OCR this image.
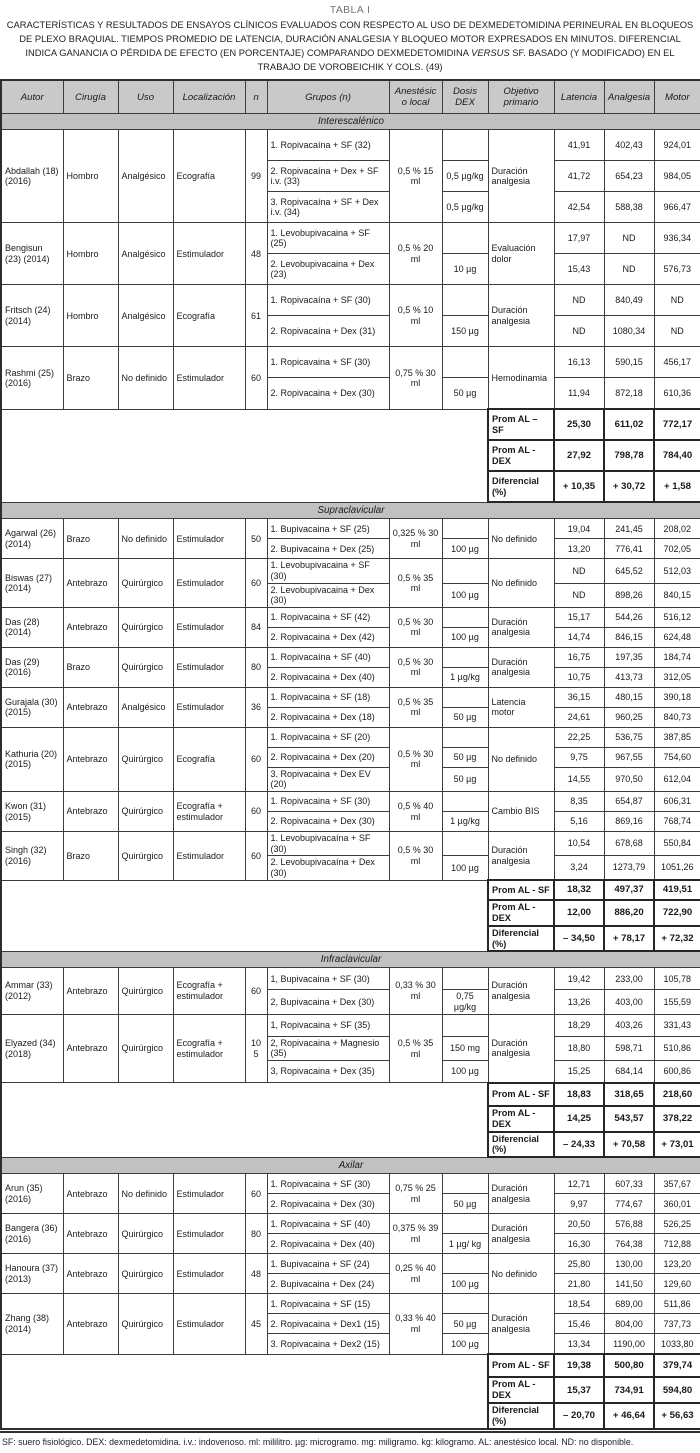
TABLA I
CARACTERÍSTICAS Y RESULTADOS DE ENSAYOS CLÍNICOS EVALUADOS CON RESPECTO AL USO DE DEXMEDETOMIDINA PERINEURAL EN BLOQUEOS DE PLEXO BRAQUIAL. TIEMPOS PROMEDIO DE LATENCIA, DURACIÓN ANALGESIA Y BLOQUEO MOTOR EXPRESADOS EN MINUTOS. DIFERENCIAL INDICA GANANCIA O PÉRDIDA DE EFECTO (EN PORCENTAJE) COMPARANDO DEXMEDETOMIDINA VERSUS SF. BASADO (Y MODIFICADO) EN EL TRABAJO DE VOROBEICHIK Y COLS. (49)
Autor	Cirugía	Uso	Localización	n	Grupos (n)	Anestésico local	Dosis DEX	Objetivo primario	Latencia	Analgesia	Motor
Interescalénico											
Abdallah (18) (2016)	Hombro	Analgésico	Ecografía	99	1. Ropivacaína + SF (32)	0,5 % 15 ml		Duración analgesia	41,91	402,43	924,01
					2. Ropivacaína + Dex + SF i.v. (33)		0,5 µg/kg		41,72	654,23	984,05
					3. Ropivacaína + SF + Dex i.v. (34)		0,5 µg/kg		42,54	588,38	966,47
Bengisun (23) (2014)	Hombro	Analgésico	Estimulador	48	1. Levobupivacaina + SF (25)	0,5 % 20 ml		Evaluación dolor	17,97	ND	936,34
					2. Levobupivacaina + Dex (23)		10 µg		15,43	ND	576,73
Fritsch (24) (2014)	Hombro	Analgésico	Ecografía	61	1. Ropivacaína + SF (30)	0,5 % 10 ml		Duración analgesia	ND	840,49	ND
					2. Ropivacaína + Dex (31)		150 µg		ND	1080,34	ND
Rashmi (25) (2016)	Brazo	No definido	Estimulador	60	1. Ropicavaina + SF (30)	0,75 % 30 ml		Hemodinamia	16,13	590,15	456,17
					2. Ropivacaina + Dex (30)		50 µg		11,94	872,18	610,36
								Prom AL – SF	25,30	611,02	772,17
								Prom AL - DEX	27,92	798,78	784,40
								Diferencial (%)	+ 10,35	+ 30,72	+ 1,58
Supraclavicular											
Agarwal (26) (2014)	Brazo	No definido	Estimulador	50	1. Bupivacaina + SF (25)	0,325 % 30 ml		No definido	19,04	241,45	208,02
					2. Bupivacaina + Dex (25)		100 µg		13,20	776,41	702,05
Biswas (27) (2014)	Antebrazo	Quirúrgico	Estimulador	60	1. Levobupivacaina + SF (30)	0,5 % 35 ml		No definido	ND	645,52	512,03
					2. Levobupivacaina + Dex (30)		100 µg		ND	898,26	840,15
Das (28) (2014)	Antebrazo	Quirúrgico	Estimulador	84	1. Ropivacaina + SF (42)	0,5 % 30 ml		Duración analgesia	15,17	544,26	516,12
					2. Ropivacaina + Dex (42)		100 µg		14,74	846,15	624,48
Das (29) (2016)	Brazo	Quirúrgico	Estimulador	80	1. Ropivacaína + SF (40)	0,5 % 30 ml		Duración analgesia	16,75	197,35	184,74
					2. Ropivacaina + Dex (40)		1 µg/kg		10,75	413,73	312,05
Gurajala (30) (2015)	Antebrazo	Analgésico	Estimulador	36	1. Ropivacaina + SF (18)	0,5 % 35 ml		Latencia motor	36,15	480,15	390,18
					2. Ropivacaina + Dex (18)		50 µg		24,61	960,25	840,73
Kathuria (20) (2015)	Antebrazo	Quirúrgico	Ecografía	60	1. Ropivacaina + SF (20)	0,5 % 30 ml		No definido	22,25	536,75	387,85
					2. Ropivacaina + Dex (20)		50 µg		9,75	967,55	754,60
					3. Ropivacaina + Dex EV (20)		50 µg		14,55	970,50	612,04
Kwon (31) (2015)	Antebrazo	Quirúrgico	Ecografía + estimulador	60	1. Ropivacaina + SF (30)	0,5 % 40 ml		Cambio BIS	8,35	654,87	606,31
					2. Ropivacaina + Dex (30)		1 µg/kg		5,16	869,16	768,74
Singh (32) (2016)	Brazo	Quirúrgico	Estimulador	60	1. Levobupivacaína + SF (30)	0,5 % 30 ml		Duración analgesia	10,54	678,68	550,84
					2. Levobupivacaína + Dex (30)		100 µg		3,24	1273,79	1051,26
								Prom AL - SF	18,32	497,37	419,51
								Prom AL - DEX	12,00	886,20	722,90
								Diferencial (%)	– 34,50	+ 78,17	+ 72,32
Infraclavicular											
Ammar (33) (2012)	Antebrazo	Quirúrgico	Ecografía + estimulador	60	1, Bupivacaina + SF (30)	0,33 % 30 ml		Duración analgesia	19,42	233,00	105,78
					2, Bupivacaina + Dex (30)		0,75 µg/kg		13,26	403,00	155,59
Elyazed (34) (2018)	Antebrazo	Quirúrgico	Ecografía + estimulador	105	1, Ropivacaina + SF (35)	0,5 % 35 ml		Duración analgesia	18,29	403,26	331,43
					2, Ropivacaina + Magnesio (35)		150 mg		18,80	598,71	510,86
					3, Ropivacaina + Dex (35)		100 µg		15,25	684,14	600,86
								Prom AL - SF	18,83	318,65	218,60
								Prom AL - DEX	14,25	543,57	378,22
								Diferencial (%)	– 24,33	+ 70,58	+ 73,01
Axilar											
Arun (35) (2016)	Antebrazo	No definido	Estimulador	60	1. Ropivacaina + SF (30)	0,75 % 25 ml		Duración analgesia	12,71	607,33	357,67
					2. Ropivacaina + Dex (30)		50 µg		9,97	774,67	360,01
Bangera (36) (2016)	Antebrazo	Quirúrgico	Estimulador	80	1. Ropivacaina + SF (40)	0,375 % 39 ml		Duración analgesia	20,50	576,88	526,25
					2. Ropivacaina + Dex (40)		1 µg/ kg		16,30	764,38	712,88
Hanoura (37) (2013)	Antebrazo	Quirúrgico	Estimulador	48	1. Bupivacaina + SF (24)	0,25 % 40 ml		No definido	25,80	130,00	123,20
					2. Bupivacaina + Dex (24)		100 µg		21,80	141,50	129,60
Zhang (38) (2014)	Antebrazo	Quirúrgico	Estimulador	45	1. Ropivacaina + SF (15)	0,33 % 40 ml		Duración analgesia	18,54	689,00	511,86
					2. Ropivacaina + Dex1 (15)		50 µg		15,46	804,00	737,73
					3. Ropivacaina + Dex2 (15)		100 µg		13,34	1190,00	1033,80
								Prom AL - SF	19,38	500,80	379,74
								Prom AL - DEX	15,37	734,91	594,80
								Diferencial (%)	– 20,70	+ 46,64	+ 56,63
SF: suero fisiológico. DEX: dexmedetomidina. i.v.: indovenoso. ml: mililitro. µg: microgramo. mg: miligramo. kg: kilogramo. AL: anestésico local. ND: no disponible.
